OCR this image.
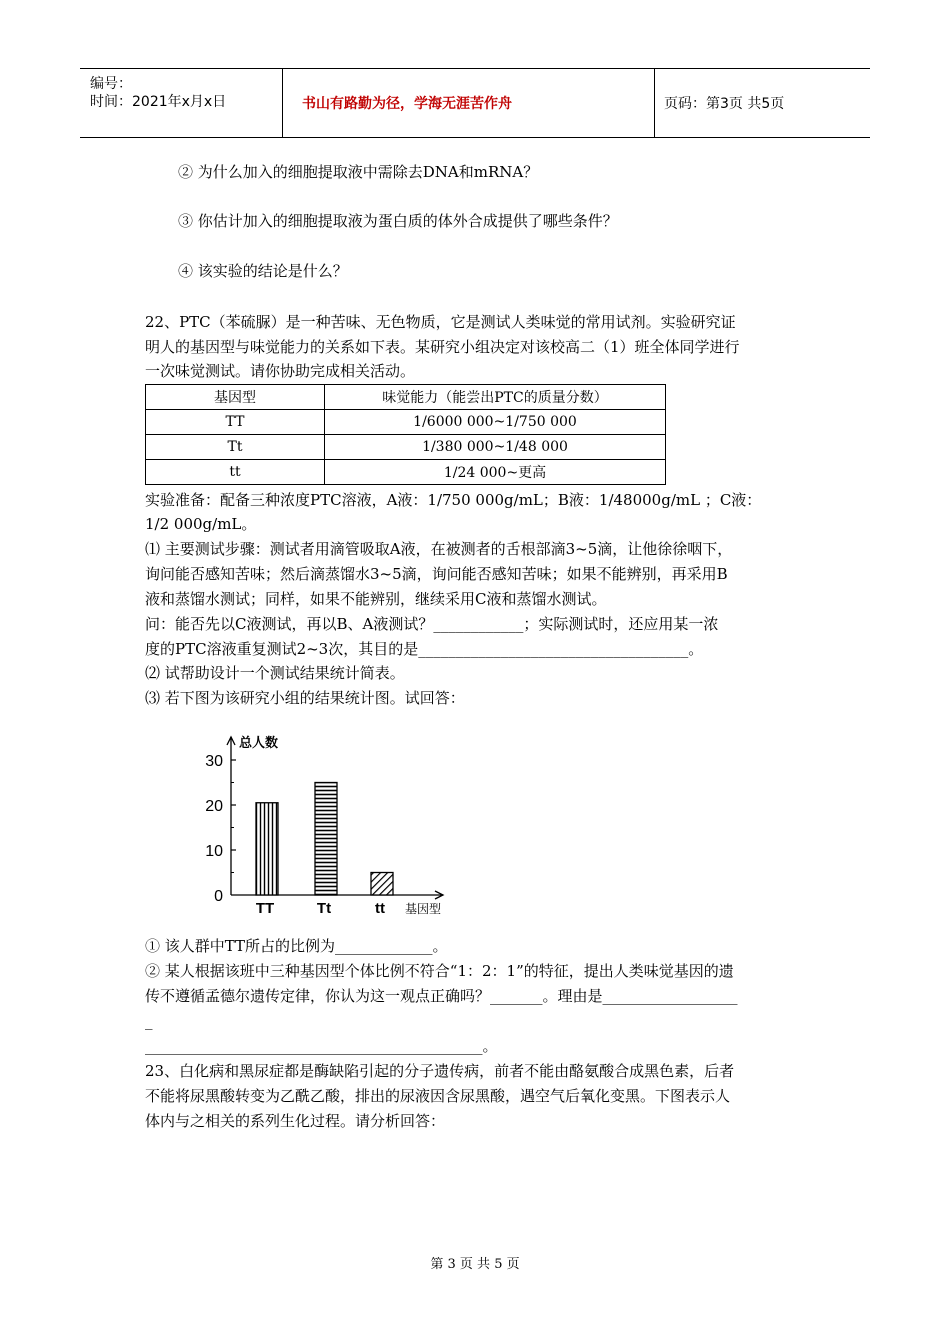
编号：
时间：2021年x月x日	书山有路勤为径，学海无涯苦作舟	页码：第3页 共5页
② 为什么加入的细胞提取液中需除去DNA和mRNA？
③ 你估计加入的细胞提取液为蛋白质的体外合成提供了哪些条件？
④ 该实验的结论是什么？
22、PTC（苯硫脲）是一种苦味、无色物质，它是测试人类味觉的常用试剂。实验研究证
明人的基因型与味觉能力的关系如下表。某研究小组决定对该校高二（1）班全体同学进行
一次味觉测试。请你协助完成相关活动。
基因型	味觉能力（能尝出PTC的质量分数）
TT	1/6000 000~1/750 000
Tt	1/380 000~1/48 000
tt	1/24 000~更高
实验准备：配备三种浓度PTC溶液，A液：1/750 000g/mL；B液：1/48000g/mL ；C液：
1/2 000g/mL。
⑴ 主要测试步骤：测试者用滴管吸取A液，在被测者的舌根部滴3~5滴，让他徐徐咽下，
询问能否感知苦味；然后滴蒸馏水3~5滴，询问能否感知苦味；如果不能辨别，再采用B
液和蒸馏水测试；同样，如果不能辨别，继续采用C液和蒸馏水测试。
问：能否先以C液测试，再以B、A液测试？____________；实际测试时，还应用某一浓
度的PTC溶液重复测试2~3次，其目的是____________________________________。
⑵ 试帮助设计一个测试结果统计简表。
⑶ 若下图为该研究小组的结果统计图。试回答：
0
10
20
30
总人数
基因型
TT	Tt	tt
① 该人群中TT所占的比例为_____________。
② 某人根据该班中三种基因型个体比例不符合“1：2：1”的特征，提出人类味觉基因的遗
传不遵循孟德尔遗传定律，你认为这一观点正确吗？_______。理由是__________________
_
_____________________________________________。
23、白化病和黑尿症都是酶缺陷引起的分子遗传病，前者不能由酪氨酸合成黑色素，后者
不能将尿黑酸转变为乙酰乙酸，排出的尿液因含尿黑酸，遇空气后氧化变黑。下图表示人
体内与之相关的系列生化过程。请分析回答：
第 3 页 共 5 页
